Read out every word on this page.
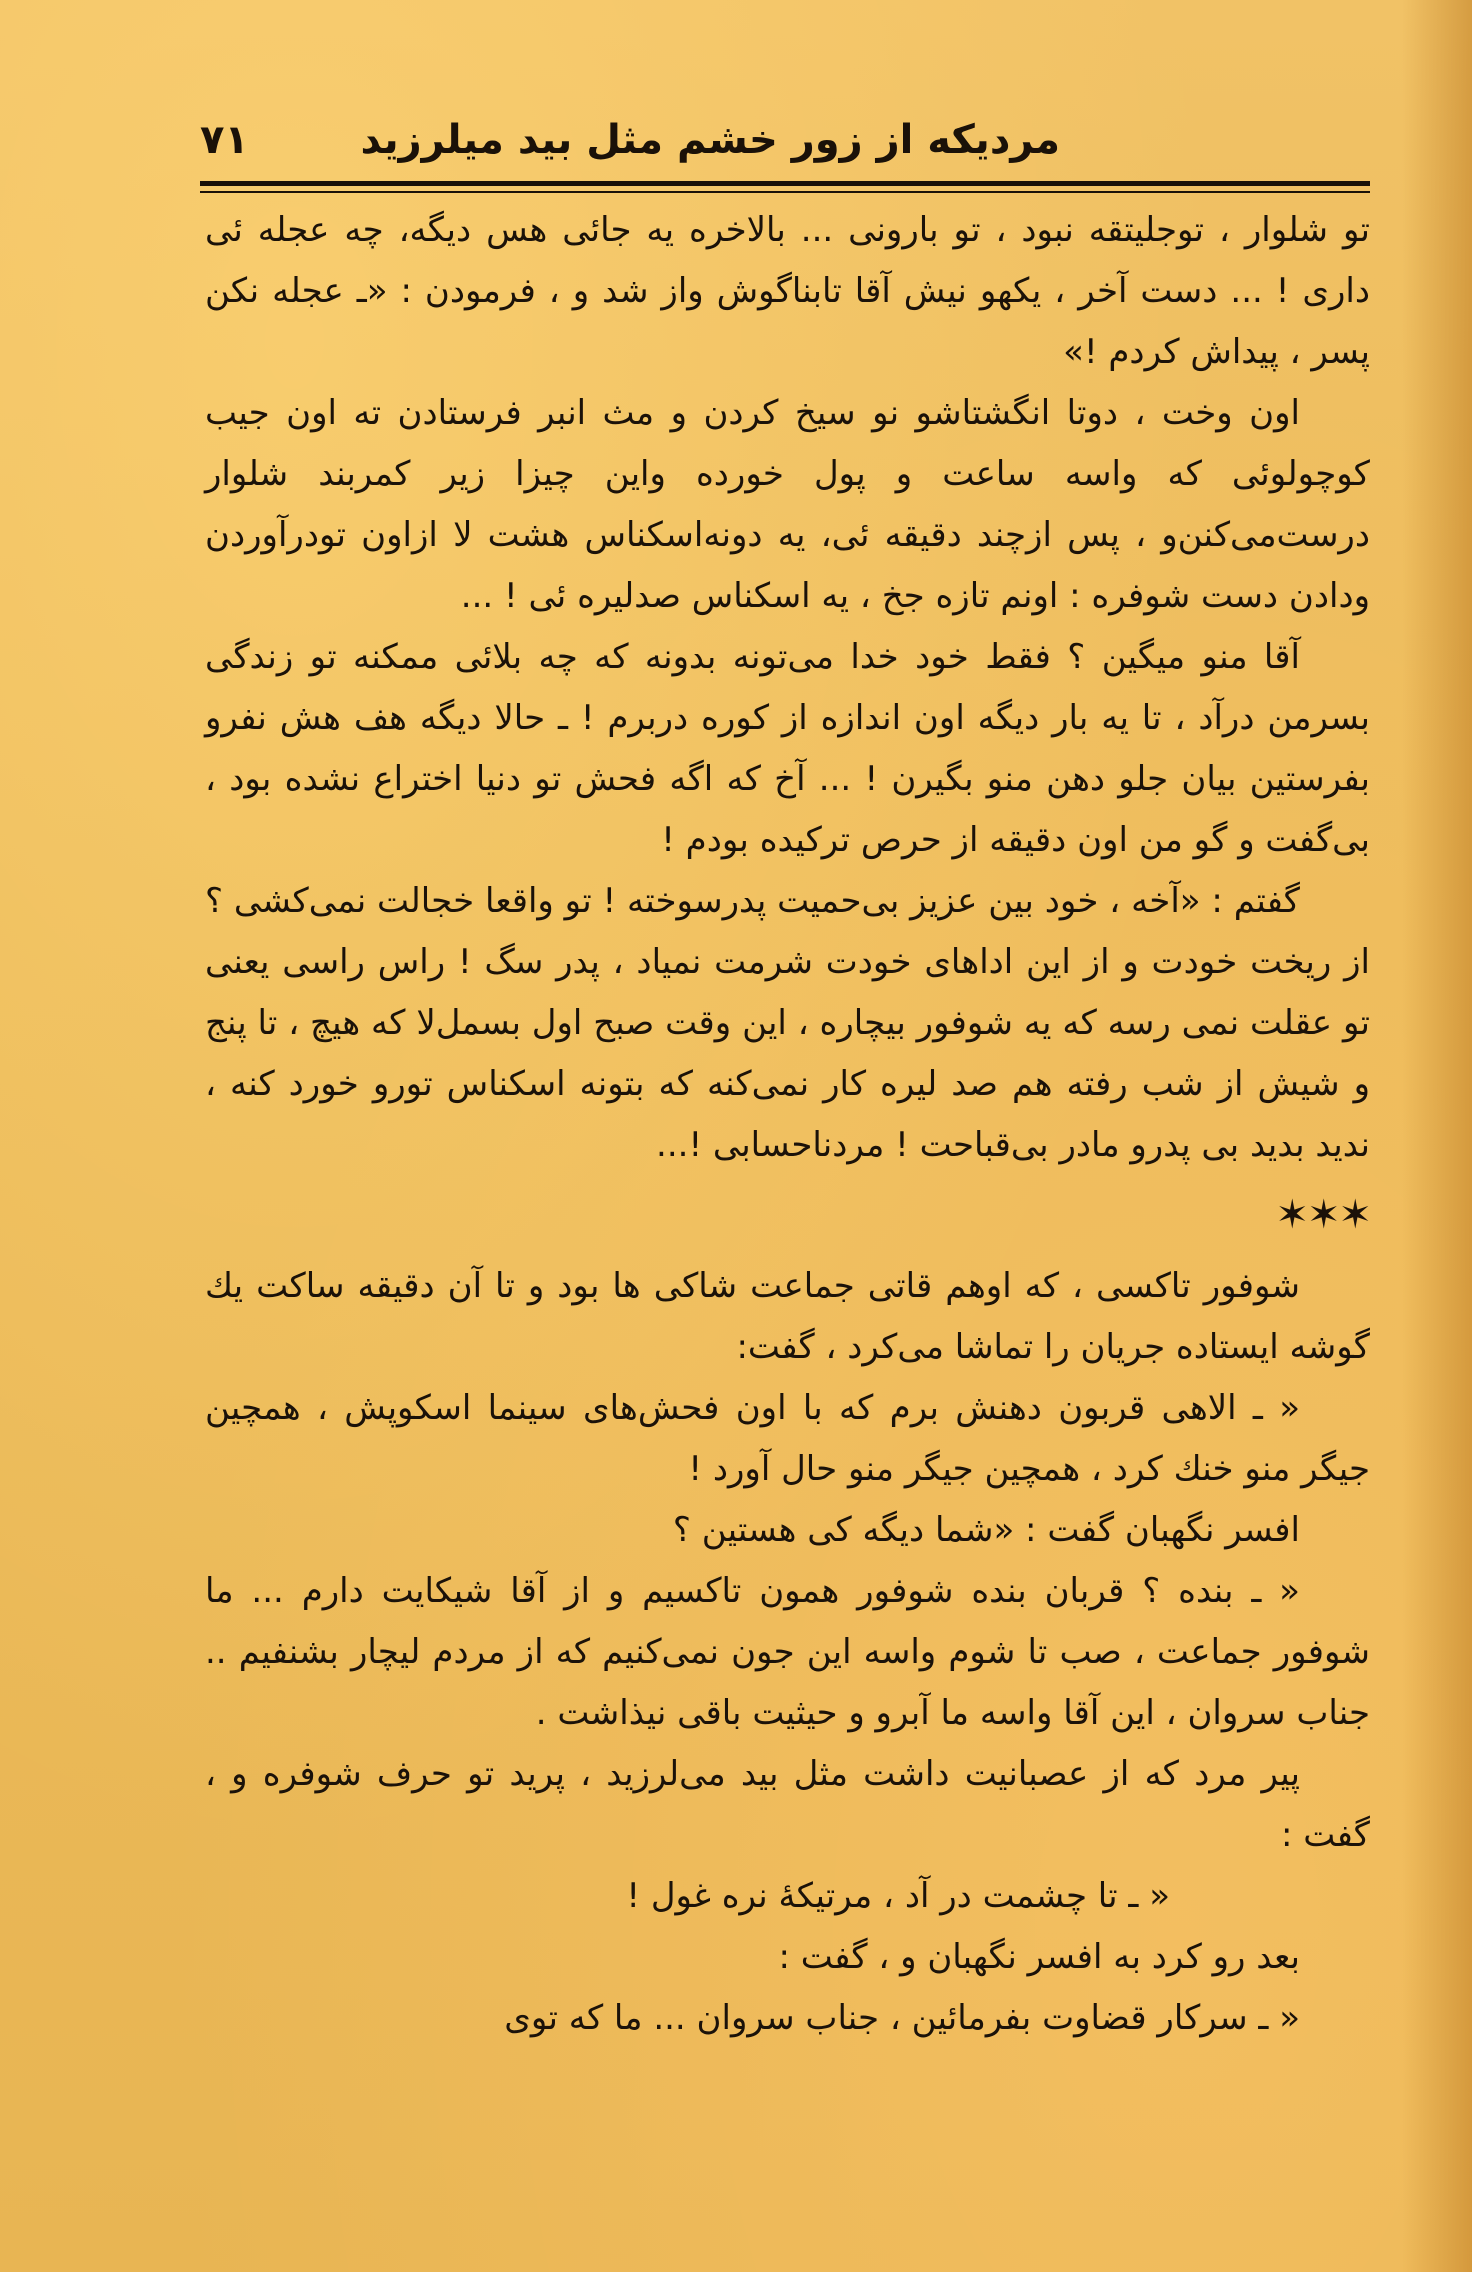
مردیکه از زور خشم مثل بید میلرزید
۷۱

تو شلوار ، توجلیتقه نبود ، تو بارونی ... بالاخره یه جائی هس دیگه، چه عجله ئی داری ! ... دست آخر ، یکهو نیش آقا تابناگوش واز شد و ، فرمودن : «ـ عجله نکن پسر ، پیداش کردم !»

اون وخت ، دوتا انگشتاشو نو سیخ کردن و مث انبر فرستادن ته اون جیب کوچولوئی که واسه ساعت و پول خورده واین چیزا زیر کمربند شلوار درست‌می‌کنن‌و ، پس ازچند دقیقه ئی، یه دونه‌اسکناس هشت لا ازاون تودرآوردن ودادن دست شوفره : اونم تازه جخ ، یه اسکناس صدلیره ئی ! ...

آقا منو میگین ؟ فقط خود خدا می‌تونه بدونه که چه بلائی ممکنه تو زندگی بسرمن درآد ، تا یه بار دیگه اون اندازه از کوره دربرم ! ـ حالا دیگه هف هش نفرو بفرستین بیان جلو دهن منو بگیرن ! ... آخ که اگه فحش تو دنیا اختراع نشده بود ، بی‌گفت و گو من اون دقیقه از حرص ترکیده بودم !

گفتم : «آخه ، خود بین عزیز بی‌حمیت پدرسوخته ! تو واقعا خجالت نمی‌کشی ؟ از ریخت خودت و از این اداهای خودت شرمت نمیاد ، پدر سگ ! راس راسی یعنی تو عقلت نمی رسه که یه شوفور بیچاره ، این وقت صبح اول بسمل‌لا که هیچ ، تا پنج و شیش از شب رفته هم صد لیره کار نمی‌کنه که بتونه اسکناس تورو خورد کنه ، ندید بدید بی پدرو مادر بی‌قباحت ! مردناحسابی !...

✶✶✶

شوفور تاکسی ، که اوهم قاتی جماعت شاکی ها بود و تا آن دقیقه ساکت یك گوشه ایستاده جریان را تماشا می‌کرد ، گفت:

« ـ الاهی قربون دهنش برم که با اون فحش‌های سینما اسکوپش ، همچین جیگر منو خنك کرد ، همچین جیگر منو حال آورد !

افسر نگهبان گفت : «شما دیگه کی هستین ؟

« ـ بنده ؟ قربان بنده شوفور همون تاکسیم و از آقا شیکایت دارم ... ما شوفور جماعت ، صب تا شوم واسه این جون نمی‌کنیم که از مردم لیچار بشنفیم .. جناب سروان ، این آقا واسه ما آبرو و حیثیت باقی نیذاشت .

پیر مرد که از عصبانیت داشت مثل بید می‌لرزید ، پرید تو حرف شوفره و ، گفت :

« ـ تا چشمت در آد ، مرتیکهٔ نره غول !

بعد رو کرد به افسر نگهبان و ، گفت :

« ـ سرکار قضاوت بفرمائین ، جناب سروان ... ما که توی
